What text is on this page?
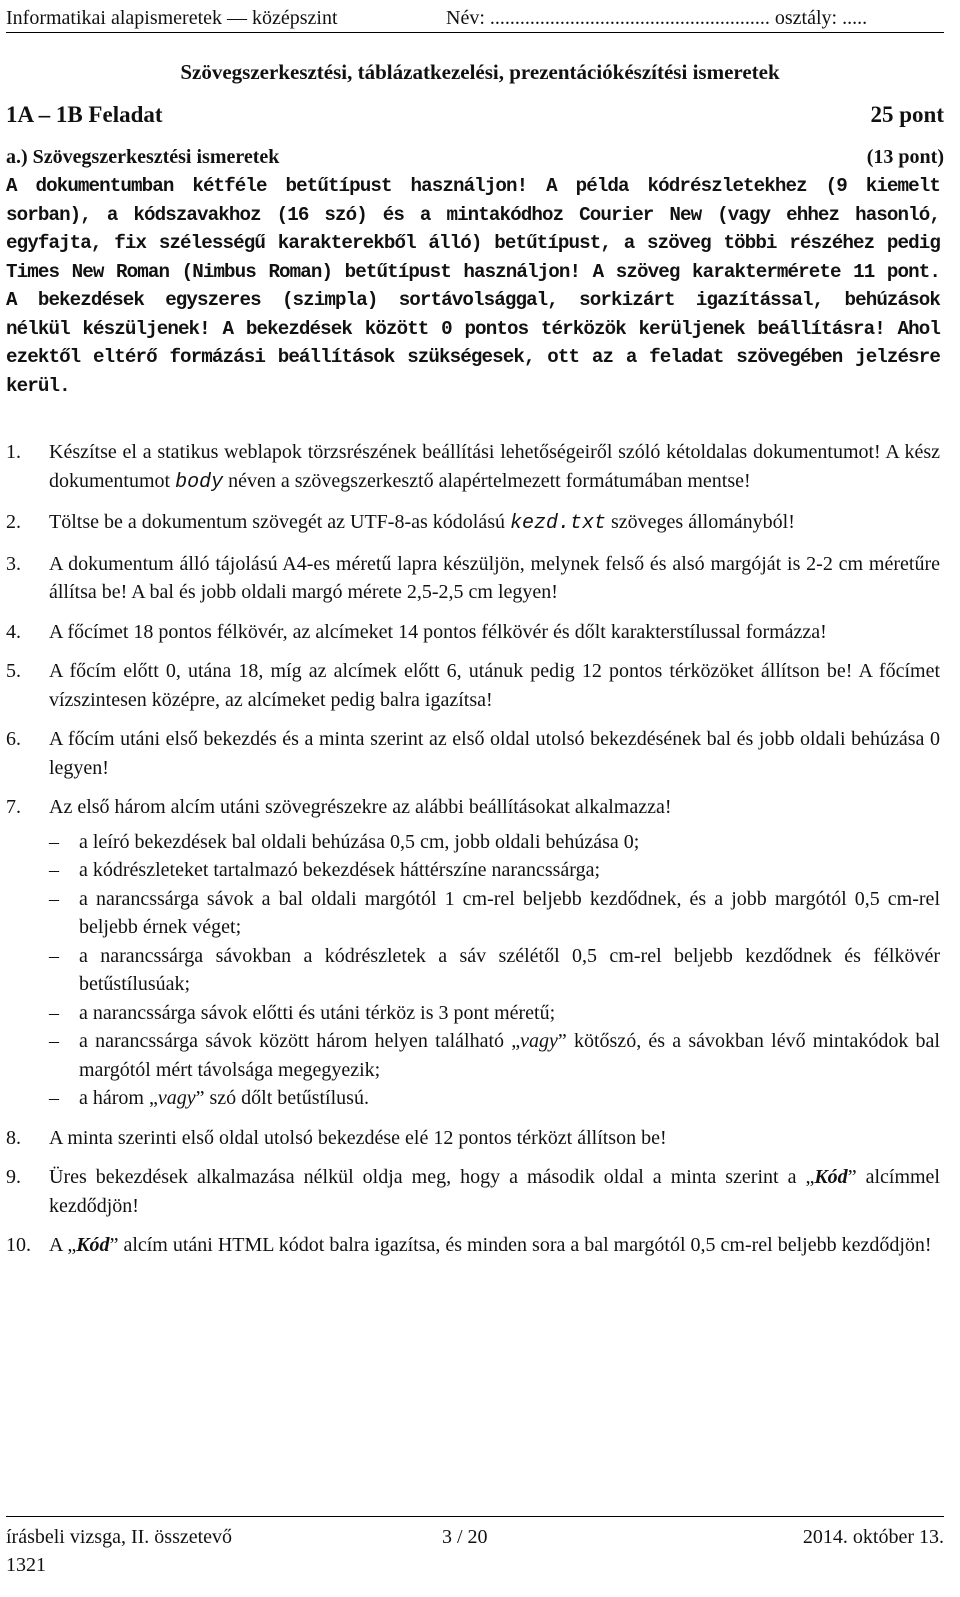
Informatikai alapismeretek — középszint	Név: ........................................................ osztály: .....
Szövegszerkesztési, táblázatkezelési, prezentációkészítési ismeretek
1A – 1B Feladat	25 pont
a.) Szövegszerkesztési ismeretek	(13 pont)

A dokumentumban kétféle betűtípust használjon! A példa kódrészletekhez (9 kiemelt sorban), a kódszavakhoz (16 szó) és a mintakódhoz Courier New (vagy ehhez hasonló, egyfajta, fix szélességű karakterekből álló) betűtípust, a szöveg többi részéhez pedig Times New Roman (Nimbus Roman) betűtípust használjon! A szöveg karaktermérete 11 pont. A bekezdések egyszeres (szimpla) sortávolsággal, sorkizárt igazítással, behúzások nélkül készüljenek! A bekezdések között 0 pontos térközök kerüljenek beállításra! Ahol ezektől eltérő formázási beállítások szükségesek, ott az a feladat szövegében jelzésre kerül.

1. Készítse el a statikus weblapok törzsrészének beállítási lehetőségeiről szóló kétoldalas dokumentumot! A kész dokumentumot body néven a szövegszerkesztő alapértelmezett formátumában mentse!

2. Töltse be a dokumentum szövegét az UTF-8-as kódolású kezd.txt szöveges állományból!

3. A dokumentum álló tájolású A4-es méretű lapra készüljön, melynek felső és alsó margóját is 2-2 cm méretűre állítsa be! A bal és jobb oldali margó mérete 2,5-2,5 cm legyen!

4. A főcímet 18 pontos félkövér, az alcímeket 14 pontos félkövér és dőlt karakterstílussal formázza!

5. A főcím előtt 0, utána 18, míg az alcímek előtt 6, utánuk pedig 12 pontos térközöket állítson be! A főcímet vízszintesen középre, az alcímeket pedig balra igazítsa!

6. A főcím utáni első bekezdés és a minta szerint az első oldal utolsó bekezdésének bal és jobb oldali behúzása 0 legyen!

7. Az első három alcím utáni szövegrészekre az alábbi beállításokat alkalmazza!

– a leíró bekezdések bal oldali behúzása 0,5 cm, jobb oldali behúzása 0;
– a kódrészleteket tartalmazó bekezdések háttérszíne narancssárga;
– a narancssárga sávok a bal oldali margótól 1 cm-rel beljebb kezdődnek, és a jobb margótól 0,5 cm-rel beljebb érnek véget;
– a narancssárga sávokban a kódrészletek a sáv szélétől 0,5 cm-rel beljebb kezdődnek és félkövér betűstílusúak;
– a narancssárga sávok előtti és utáni térköz is 3 pont méretű;
– a narancssárga sávok között három helyen található „vagy” kötőszó, és a sávokban lévő mintakódok bal margótól mért távolsága megegyezik;
– a három „vagy” szó dőlt betűstílusú.
8. A minta szerinti első oldal utolsó bekezdése elé 12 pontos térközt állítson be!

9. Üres bekezdések alkalmazása nélkül oldja meg, hogy a második oldal a minta szerint a „Kód” alcímmel kezdődjön!

10. A „Kód” alcím utáni HTML kódot balra igazítsa, és minden sora a bal margótól 0,5 cm-rel beljebb kezdődjön!

írásbeli vizsga, II. összetevő	3 / 20	2014. október 13.
1321
